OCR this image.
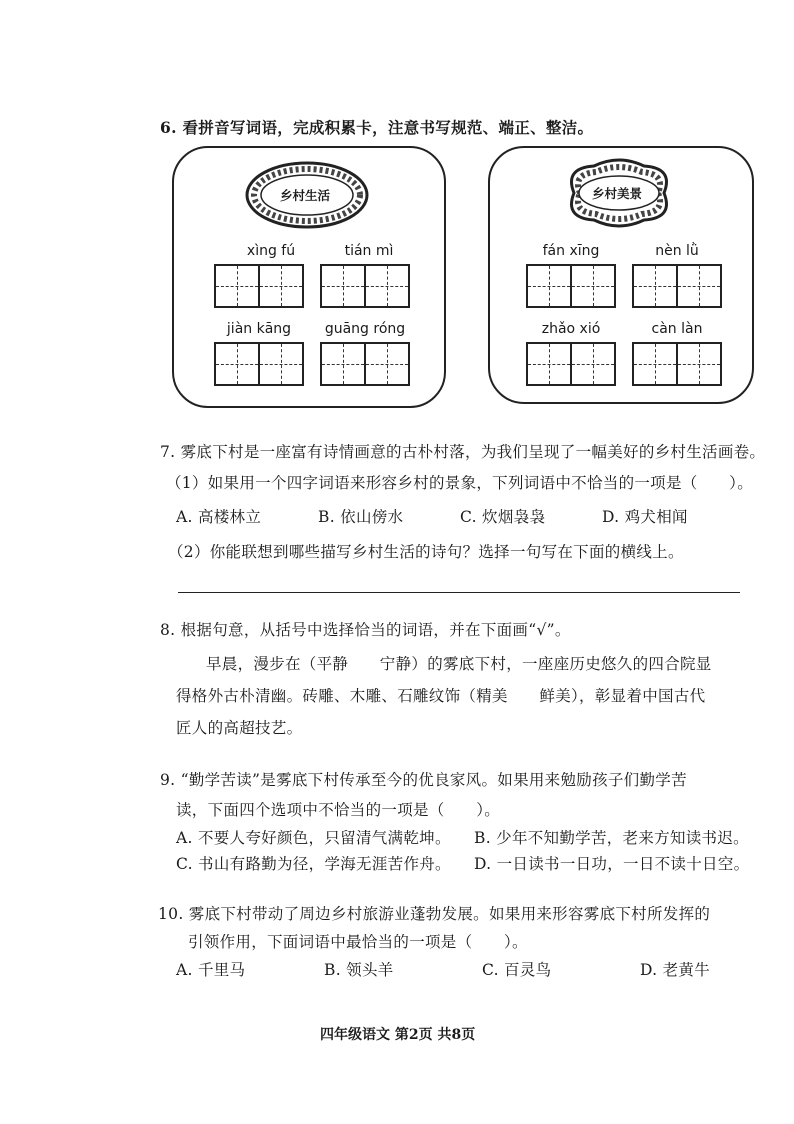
6. 看拼音写词语，完成积累卡，注意书写规范、端正、整洁。
乡村生活
xìng fú	tián mì
jiàn kāng	guāng róng
乡村美景
fán xīng	nèn lǜ
zhǎo xió	càn làn
7. 雾底下村是一座富有诗情画意的古朴村落，为我们呈现了一幅美好的乡村生活画卷。
（1）如果用一个四字词语来形容乡村的景象，下列词语中不恰当的一项是（　　）。
A. 高楼林立	B. 依山傍水	C. 炊烟袅袅	D. 鸡犬相闻
（2）你能联想到哪些描写乡村生活的诗句？选择一句写在下面的横线上。
8. 根据句意，从括号中选择恰当的词语，并在下面画“√”。
早晨，漫步在（平静　　宁静）的雾底下村，一座座历史悠久的四合院显
得格外古朴清幽。砖雕、木雕、石雕纹饰（精美　　鲜美），彰显着中国古代
匠人的高超技艺。
9. “勤学苦读”是雾底下村传承至今的优良家风。如果用来勉励孩子们勤学苦
读，下面四个选项中不恰当的一项是（　　）。
A. 不要人夸好颜色，只留清气满乾坤。 B. 少年不知勤学苦，老来方知读书迟。
C. 书山有路勤为径，学海无涯苦作舟。 D. 一日读书一日功，一日不读十日空。
10. 雾底下村带动了周边乡村旅游业蓬勃发展。如果用来形容雾底下村所发挥的
引领作用，下面词语中最恰当的一项是（　　）。
A. 千里马	B. 领头羊	C. 百灵鸟	D. 老黄牛
四年级语文 第2页 共8页
